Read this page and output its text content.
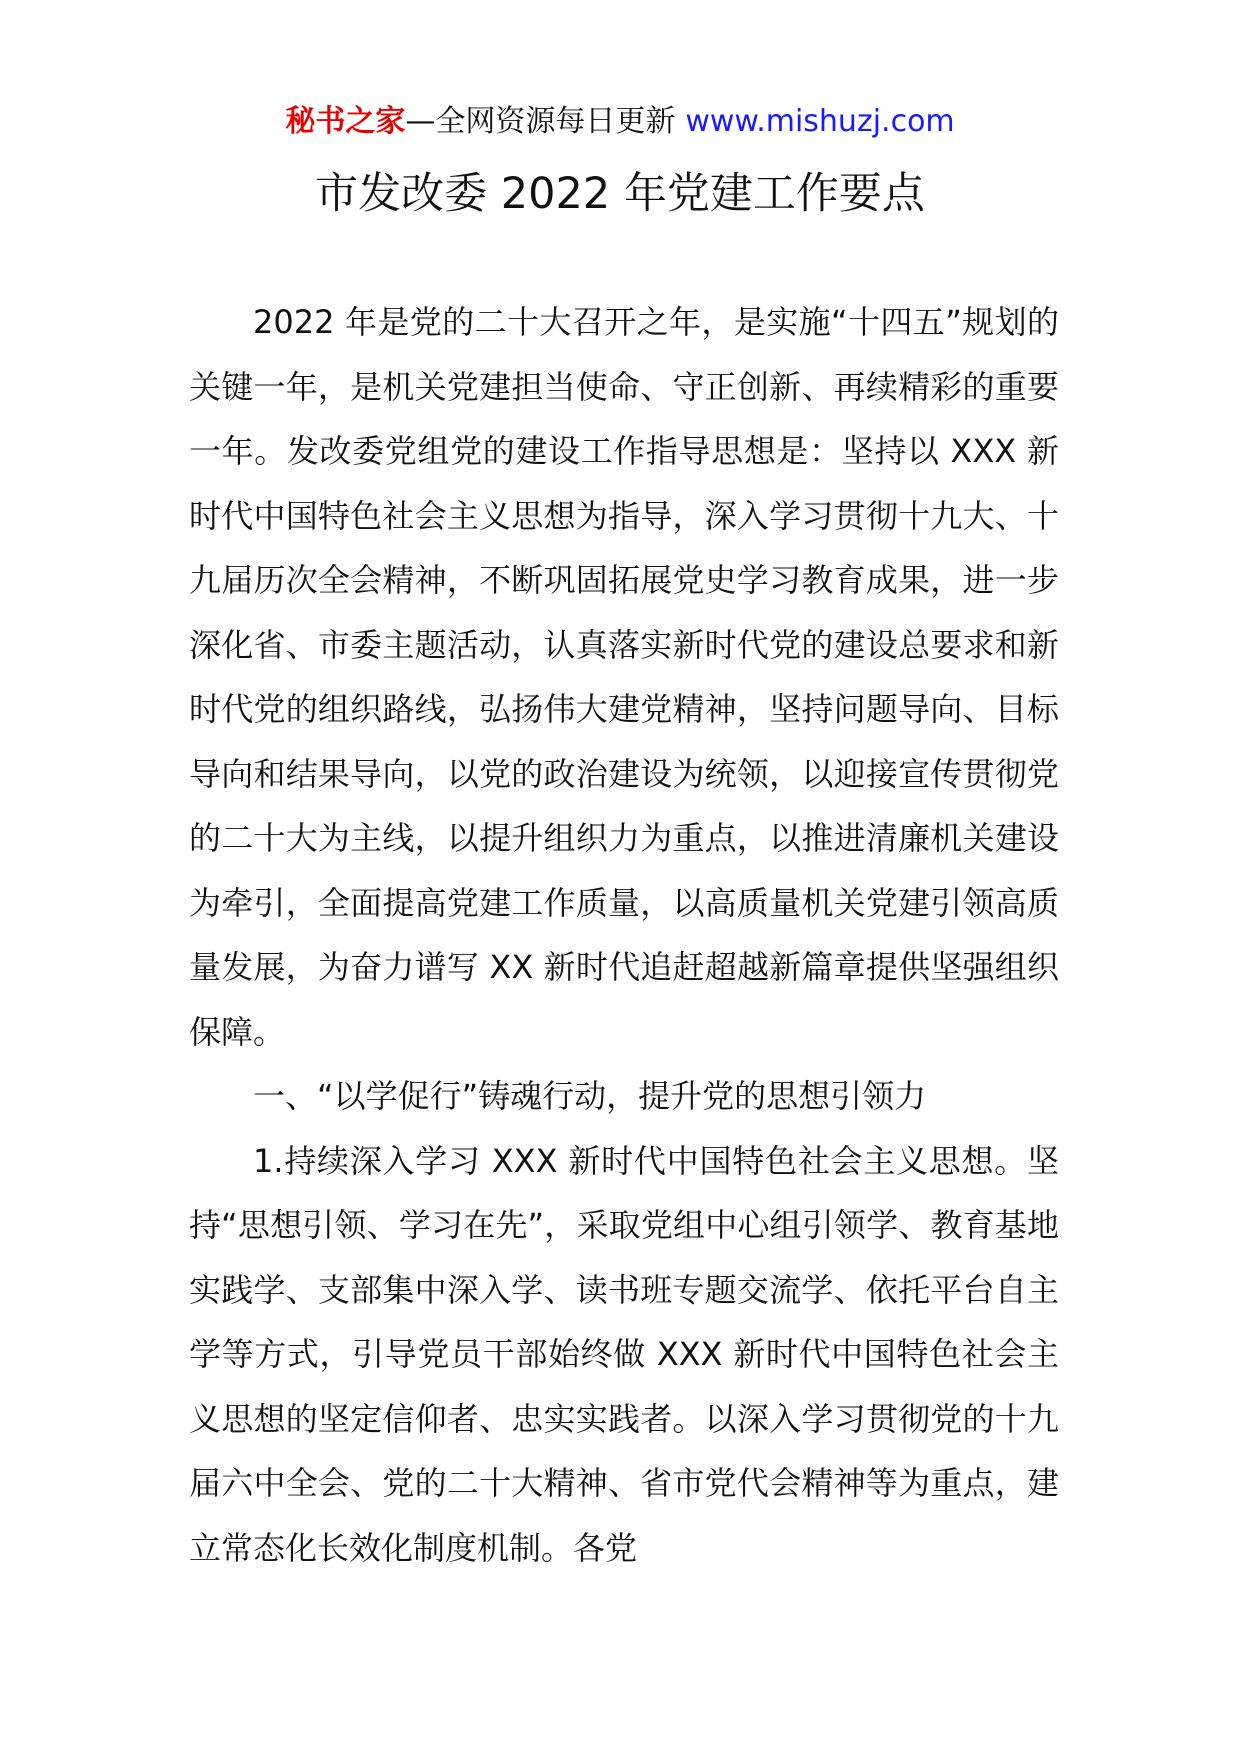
秘书之家—全网资源每日更新 www.mishuzj.com
市发改委 2022 年党建工作要点

2022 年是党的二十大召开之年，是实施“十四五”规划的关键一年，是机关党建担当使命、守正创新、再续精彩的重要一年。发改委党组党的建设工作指导思想是：坚持以 XXX 新时代中国特色社会主义思想为指导，深入学习贯彻十九大、十九届历次全会精神，不断巩固拓展党史学习教育成果，进一步深化省、市委主题活动，认真落实新时代党的建设总要求和新时代党的组织路线，弘扬伟大建党精神，坚持问题导向、目标导向和结果导向，以党的政治建设为统领，以迎接宣传贯彻党的二十大为主线，以提升组织力为重点，以推进清廉机关建设为牵引，全面提高党建工作质量，以高质量机关党建引领高质量发展，为奋力谱写 XX 新时代追赶超越新篇章提供坚强组织保障。

一、“以学促行”铸魂行动，提升党的思想引领力

1.持续深入学习 XXX 新时代中国特色社会主义思想。坚持“思想引领、学习在先”，采取党组中心组引领学、教育基地实践学、支部集中深入学、读书班专题交流学、依托平台自主学等方式，引导党员干部始终做 XXX 新时代中国特色社会主义思想的坚定信仰者、忠实实践者。以深入学习贯彻党的十九届六中全会、党的二十大精神、省市党代会精神等为重点，建立常态化长效化制度机制。各党
